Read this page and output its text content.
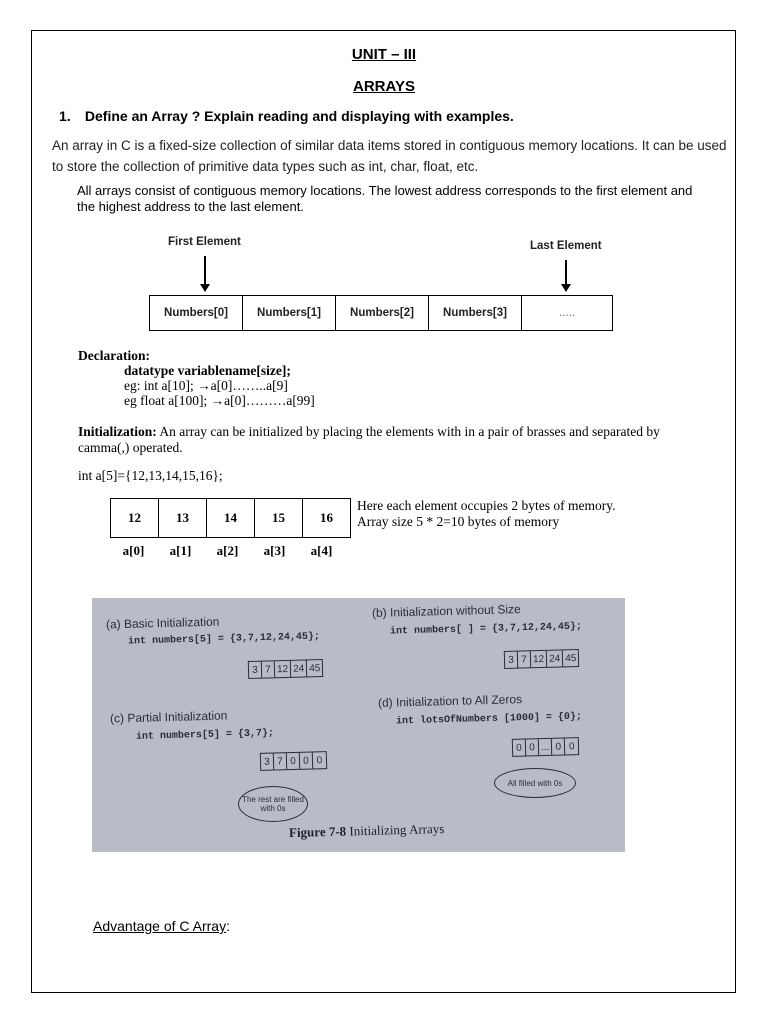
UNIT – III
ARRAYS
1. Define an Array ? Explain reading and displaying with examples.
An array in C is a fixed-size collection of similar data items stored in contiguous memory locations. It can be used to store the collection of primitive data types such as int, char, float, etc.
All arrays consist of contiguous memory locations. The lowest address corresponds to the first element and the highest address to the last element.
First Element	Last Element
Numbers[0]	Numbers[1]	Numbers[2]	Numbers[3]	.....
Declaration:
datatype variablename[size];
eg: int a[10]; →a[0]……..a[9]
eg float a[100]; →a[0]………a[99]
Initialization: An array can be initialized by placing the elements with in a pair of brasses and separated by camma(,) operated.
int a[5]={12,13,14,15,16};
12	13	14	15	16
a[0]	a[1]	a[2]	a[3]	a[4]
Here each element occupies 2 bytes of memory.
Array size 5 * 2=10 bytes of memory
(a) Basic Initialization
int numbers[5] = {3,7,12,24,45};
3 7 12 24 45
(b) Initialization without Size
int numbers[ ] = {3,7,12,24,45};
3 7 12 24 45
(c) Partial Initialization
int numbers[5] = {3,7};
3 7 0 0 0
The rest are filled with 0s
(d) Initialization to All Zeros
int lotsOfNumbers [1000] = {0};
0 0 ... 0 0
All filled with 0s
Figure 7-8 Initializing Arrays
Advantage of C Array:
